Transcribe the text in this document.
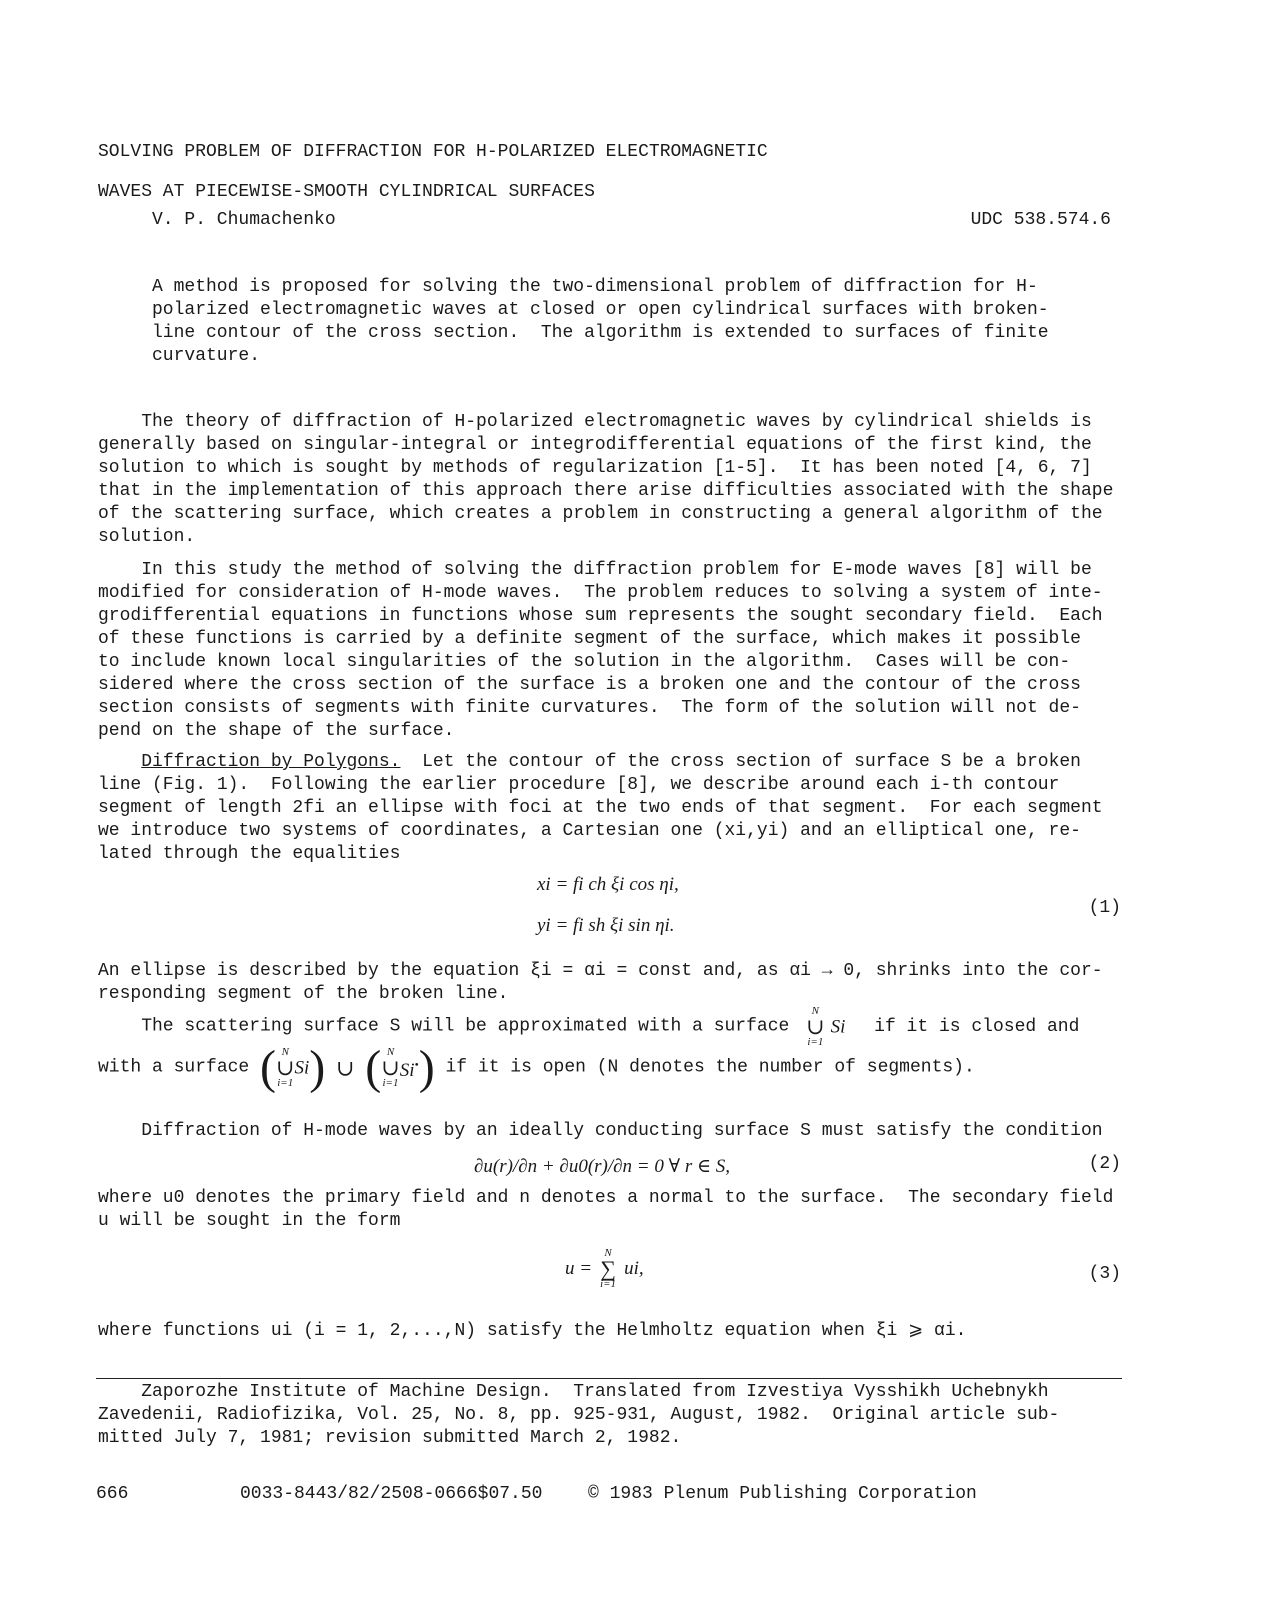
SOLVING PROBLEM OF DIFFRACTION FOR H-POLARIZED ELECTROMAGNETIC
WAVES AT PIECEWISE-SMOOTH CYLINDRICAL SURFACES
V. P. Chumachenko	UDC 538.574.6
A method is proposed for solving the two-dimensional problem of diffraction for H-
polarized electromagnetic waves at closed or open cylindrical surfaces with broken-
line contour of the cross section.  The algorithm is extended to surfaces of finite
curvature.
The theory of diffraction of H-polarized electromagnetic waves by cylindrical shields is
generally based on singular-integral or integrodifferential equations of the first kind, the
solution to which is sought by methods of regularization [1-5].  It has been noted [4, 6, 7]
that in the implementation of this approach there arise difficulties associated with the shape
of the scattering surface, which creates a problem in constructing a general algorithm of the
solution.
In this study the method of solving the diffraction problem for E-mode waves [8] will be
modified for consideration of H-mode waves.  The problem reduces to solving a system of inte-
grodifferential equations in functions whose sum represents the sought secondary field.  Each
of these functions is carried by a definite segment of the surface, which makes it possible
to include known local singularities of the solution in the algorithm.  Cases will be con-
sidered where the cross section of the surface is a broken one and the contour of the cross
section consists of segments with finite curvatures.  The form of the solution will not de-
pend on the shape of the surface.
Diffraction by Polygons.  Let the contour of the cross section of surface S be a broken
line (Fig. 1).  Following the earlier procedure [8], we describe around each i-th contour
segment of length 2fi an ellipse with foci at the two ends of that segment.  For each segment
we introduce two systems of coordinates, a Cartesian one (xi,yi) and an elliptical one, re-
lated through the equalities
xi = fi ch ξi cos ηi,
yi = fi sh ξi sin ηi.
(1)
An ellipse is described by the equation ξi = αi = const and, as αi → 0, shrinks into the cor-
responding segment of the broken line.
The scattering surface S will be approximated with a surface
N
∪
i=1
Si if it is closed and
with a surface ( N
∪
i=1
Si) ∪ ( N
∪
i=1
Si•) if it is open (N denotes the number of segments).
Diffraction of H-mode waves by an ideally conducting surface S must satisfy the condition
∂u(r)/∂n + ∂u0(r)/∂n = 0 ∀ r ∈ S,	(2)
where u0 denotes the primary field and n denotes a normal to the surface.  The secondary field
u will be sought in the form
u =
N
∑
i=1
ui,	(3)
where functions ui (i = 1, 2,...,N) satisfy the Helmholtz equation when ξi ⩾ αi.
Zaporozhe Institute of Machine Design.  Translated from Izvestiya Vysshikh Uchebnykh
Zavedenii, Radiofizika, Vol. 25, No. 8, pp. 925-931, August, 1982.  Original article sub-
mitted July 7, 1981; revision submitted March 2, 1982.
666	0033-8443/82/2508-0666$07.50	© 1983 Plenum Publishing Corporation
